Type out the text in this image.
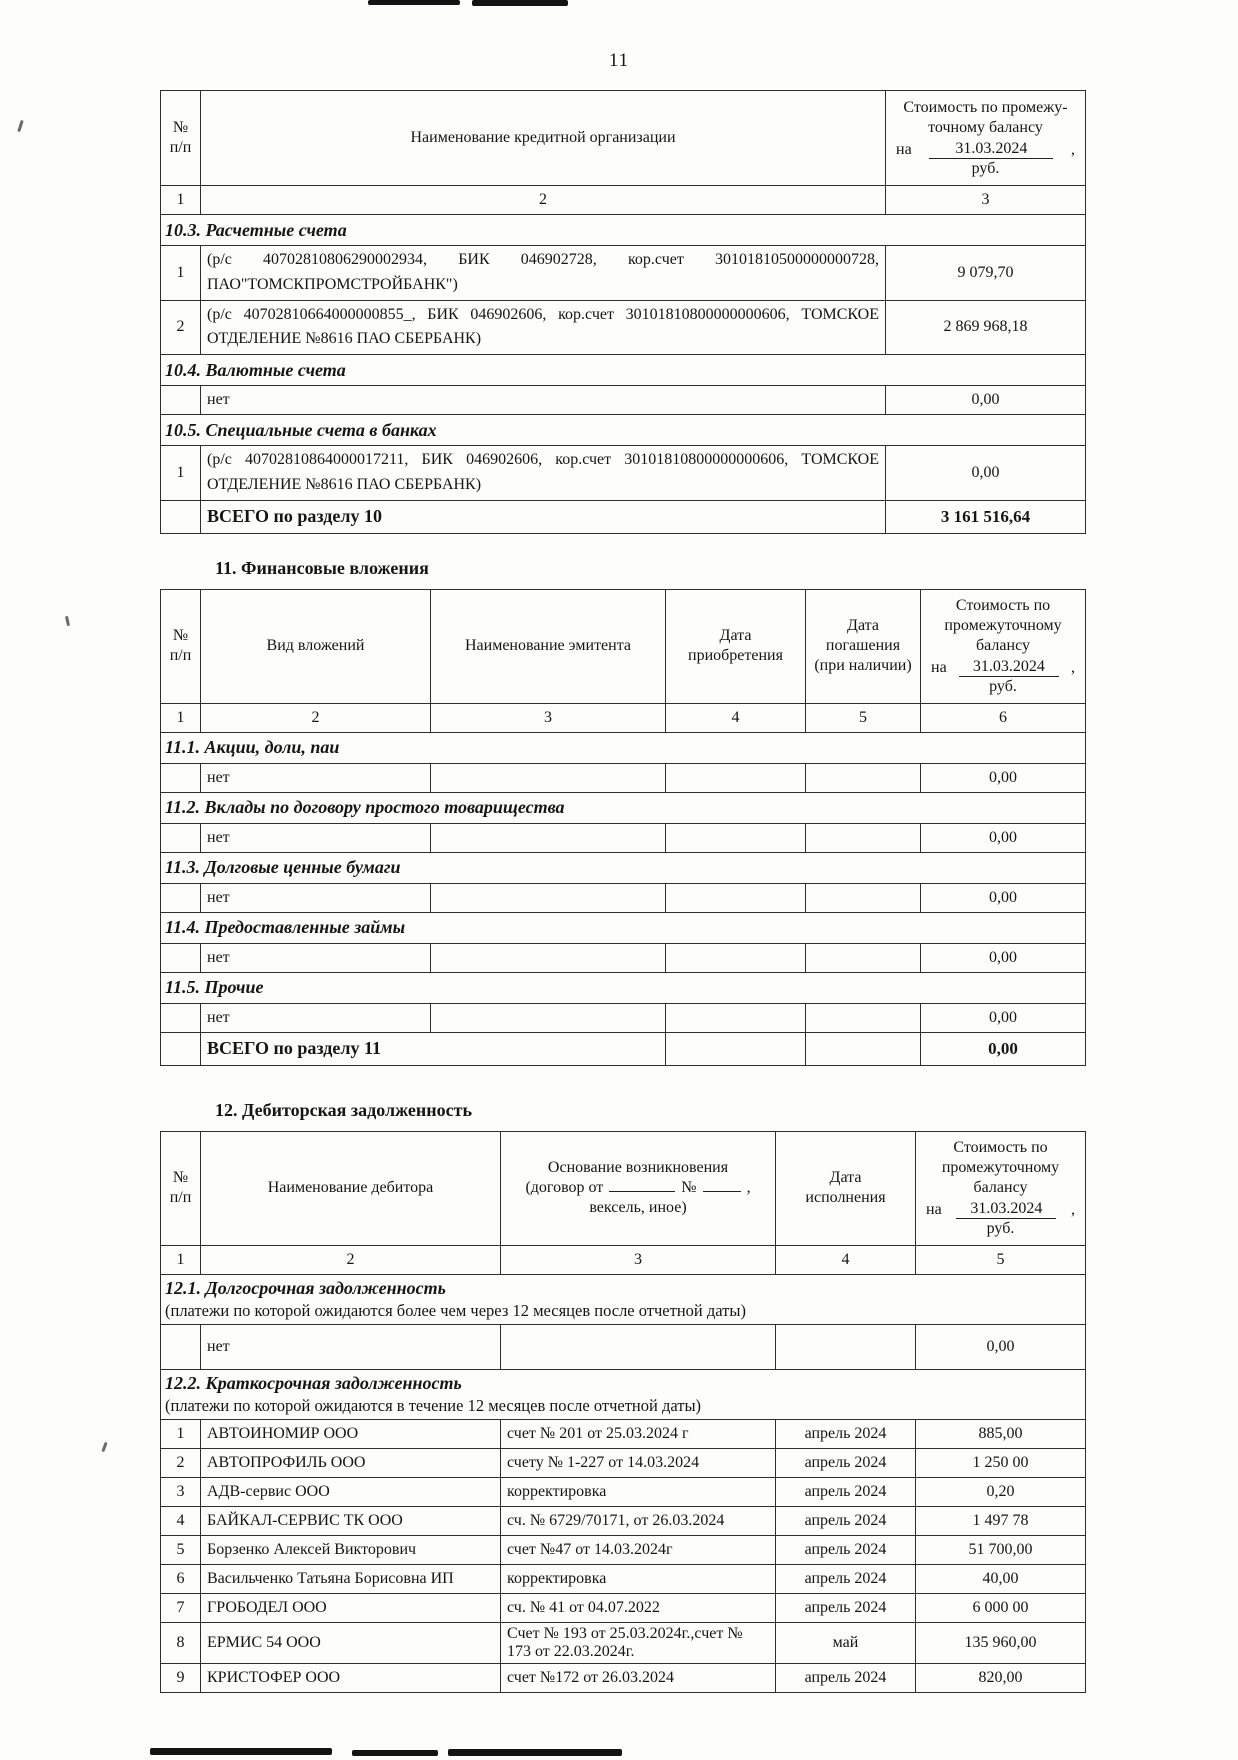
11
№
п/п
	Наименование кредитной организации	
Стоимость по промежу-
точному балансу
на	31.03.2024	,
руб.

1	2	3
10.3. Расчетные счета		
1	(р/с 40702810806290002934, БИК 046902728, кор.счет 30101810500000000728, ПАО"ТОМСКПРОМСТРОЙБАНК")	9 079,70
2	(р/с 40702810664000000855_, БИК 046902606, кор.счет 30101810800000000606, ТОМСКОЕ ОТДЕЛЕНИЕ №8616 ПАО СБЕРБАНК)	2 869 968,18
10.4. Валютные счета		
	нет	0,00
10.5. Специальные счета в банках		
1	(р/с 40702810864000017211, БИК 046902606, кор.счет 30101810800000000606, ТОМСКОЕ ОТДЕЛЕНИЕ №8616 ПАО СБЕРБАНК)	0,00
	ВСЕГО по разделу 10	3 161 516,64
11. Финансовые вложения
№
п/п
	Вид вложений	Наименование эмитента	
Дата
приобретения

Дата
погашения
(при наличии)

Стоимость по
промежуточному
балансу
на	31.03.2024	,
руб.

1	2	3	4	5	6
11.1. Акции, доли, паи					
	нет				0,00
11.2. Вклады по договору простого товарищества					
	нет				0,00
11.3. Долговые ценные бумаги					
	нет				0,00
11.4. Предоставленные займы					
	нет				0,00
11.5. Прочие					
	нет				0,00
	ВСЕГО по разделу 11				0,00
12. Дебиторская задолженность
№
п/п
	Наименование дебитора	
Основание возникновения
(договор от	№	,
вексель, иное)

Дата
исполнения

Стоимость по
промежуточному
балансу
на	31.03.2024	,
руб.

1	2	3	4	5
12.1. Долгосрочная задолженность
(платежи по которой ожидаются более чем через 12 месяцев после отчетной даты)				

	нет			0,00
12.2. Краткосрочная задолженность
(платежи по которой ожидаются в течение 12 месяцев после отчетной даты)				

1	АВТОИНОМИР ООО	счет № 201 от 25.03.2024 г	апрель 2024	885,00
2	АВТОПРОФИЛЬ ООО	счету № 1-227 от 14.03.2024	апрель 2024	1 250 00
3	АДВ-сервис ООО	корректировка	апрель 2024	0,20
4	БАЙКАЛ-СЕРВИС ТК ООО	сч. № 6729/70171, от 26.03.2024	апрель 2024	1 497 78
5	Борзенко Алексей Викторович	счет №47 от 14.03.2024г	апрель 2024	51 700,00
6	Васильченко Татьяна Борисовна ИП	корректировка	апрель 2024	40,00
7	ГРОБОДЕЛ ООО	сч. № 41 от 04.07.2022	апрель 2024	6 000 00
8	ЕРМИС 54 ООО	Счет № 193 от 25.03.2024г.,счет № 173 от 22.03.2024г.	май	135 960,00
9	КРИСТОФЕР ООО	счет №172 от 26.03.2024	апрель 2024	820,00
